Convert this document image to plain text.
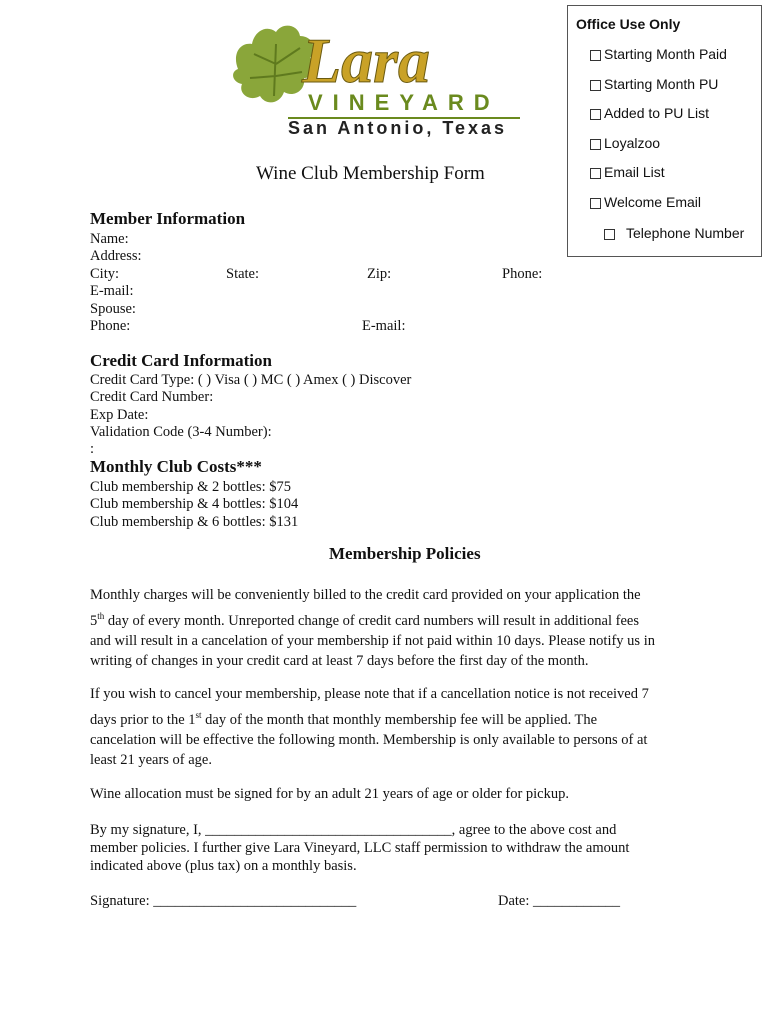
Lara
VINEYARD
San Antonio, Texas
Office Use Only
Starting Month Paid
Starting Month PU
Added to PU List
Loyalzoo
Email List
Welcome Email
Telephone Number
Wine Club Membership Form
Member Information
Name:
Address:
City:	State:	Zip:	Phone:
E-mail:
Spouse:
Phone:	E-mail:
Credit Card Information
Credit Card Type: ( ) Visa ( ) MC ( ) Amex ( ) Discover
Credit Card Number:
Exp Date:
Validation Code (3-4 Number):
:
Monthly Club Costs***
Club membership & 2 bottles: $75
Club membership & 4 bottles: $104
Club membership & 6 bottles: $131
Membership Policies
Monthly charges will be conveniently billed to the credit card provided on your application the
5th day of every month. Unreported change of credit card numbers will result in additional fees
and will result in a cancelation of your membership if not paid within 10 days. Please notify us in
writing of changes in your credit card at least 7 days before the first day of the month.
If you wish to cancel your membership, please note that if a cancellation notice is not received 7
days prior to the 1st day of the month that monthly membership fee will be applied. The
cancelation will be effective the following month. Membership is only available to persons of at
least 21 years of age.
Wine allocation must be signed for by an adult 21 years of age or older for pickup.
By my signature, I, __________________________________, agree to the above cost and
member policies. I further give Lara Vineyard, LLC staff permission to withdraw the amount
indicated above (plus tax) on a monthly basis.
Signature: ____________________________	Date: ____________
